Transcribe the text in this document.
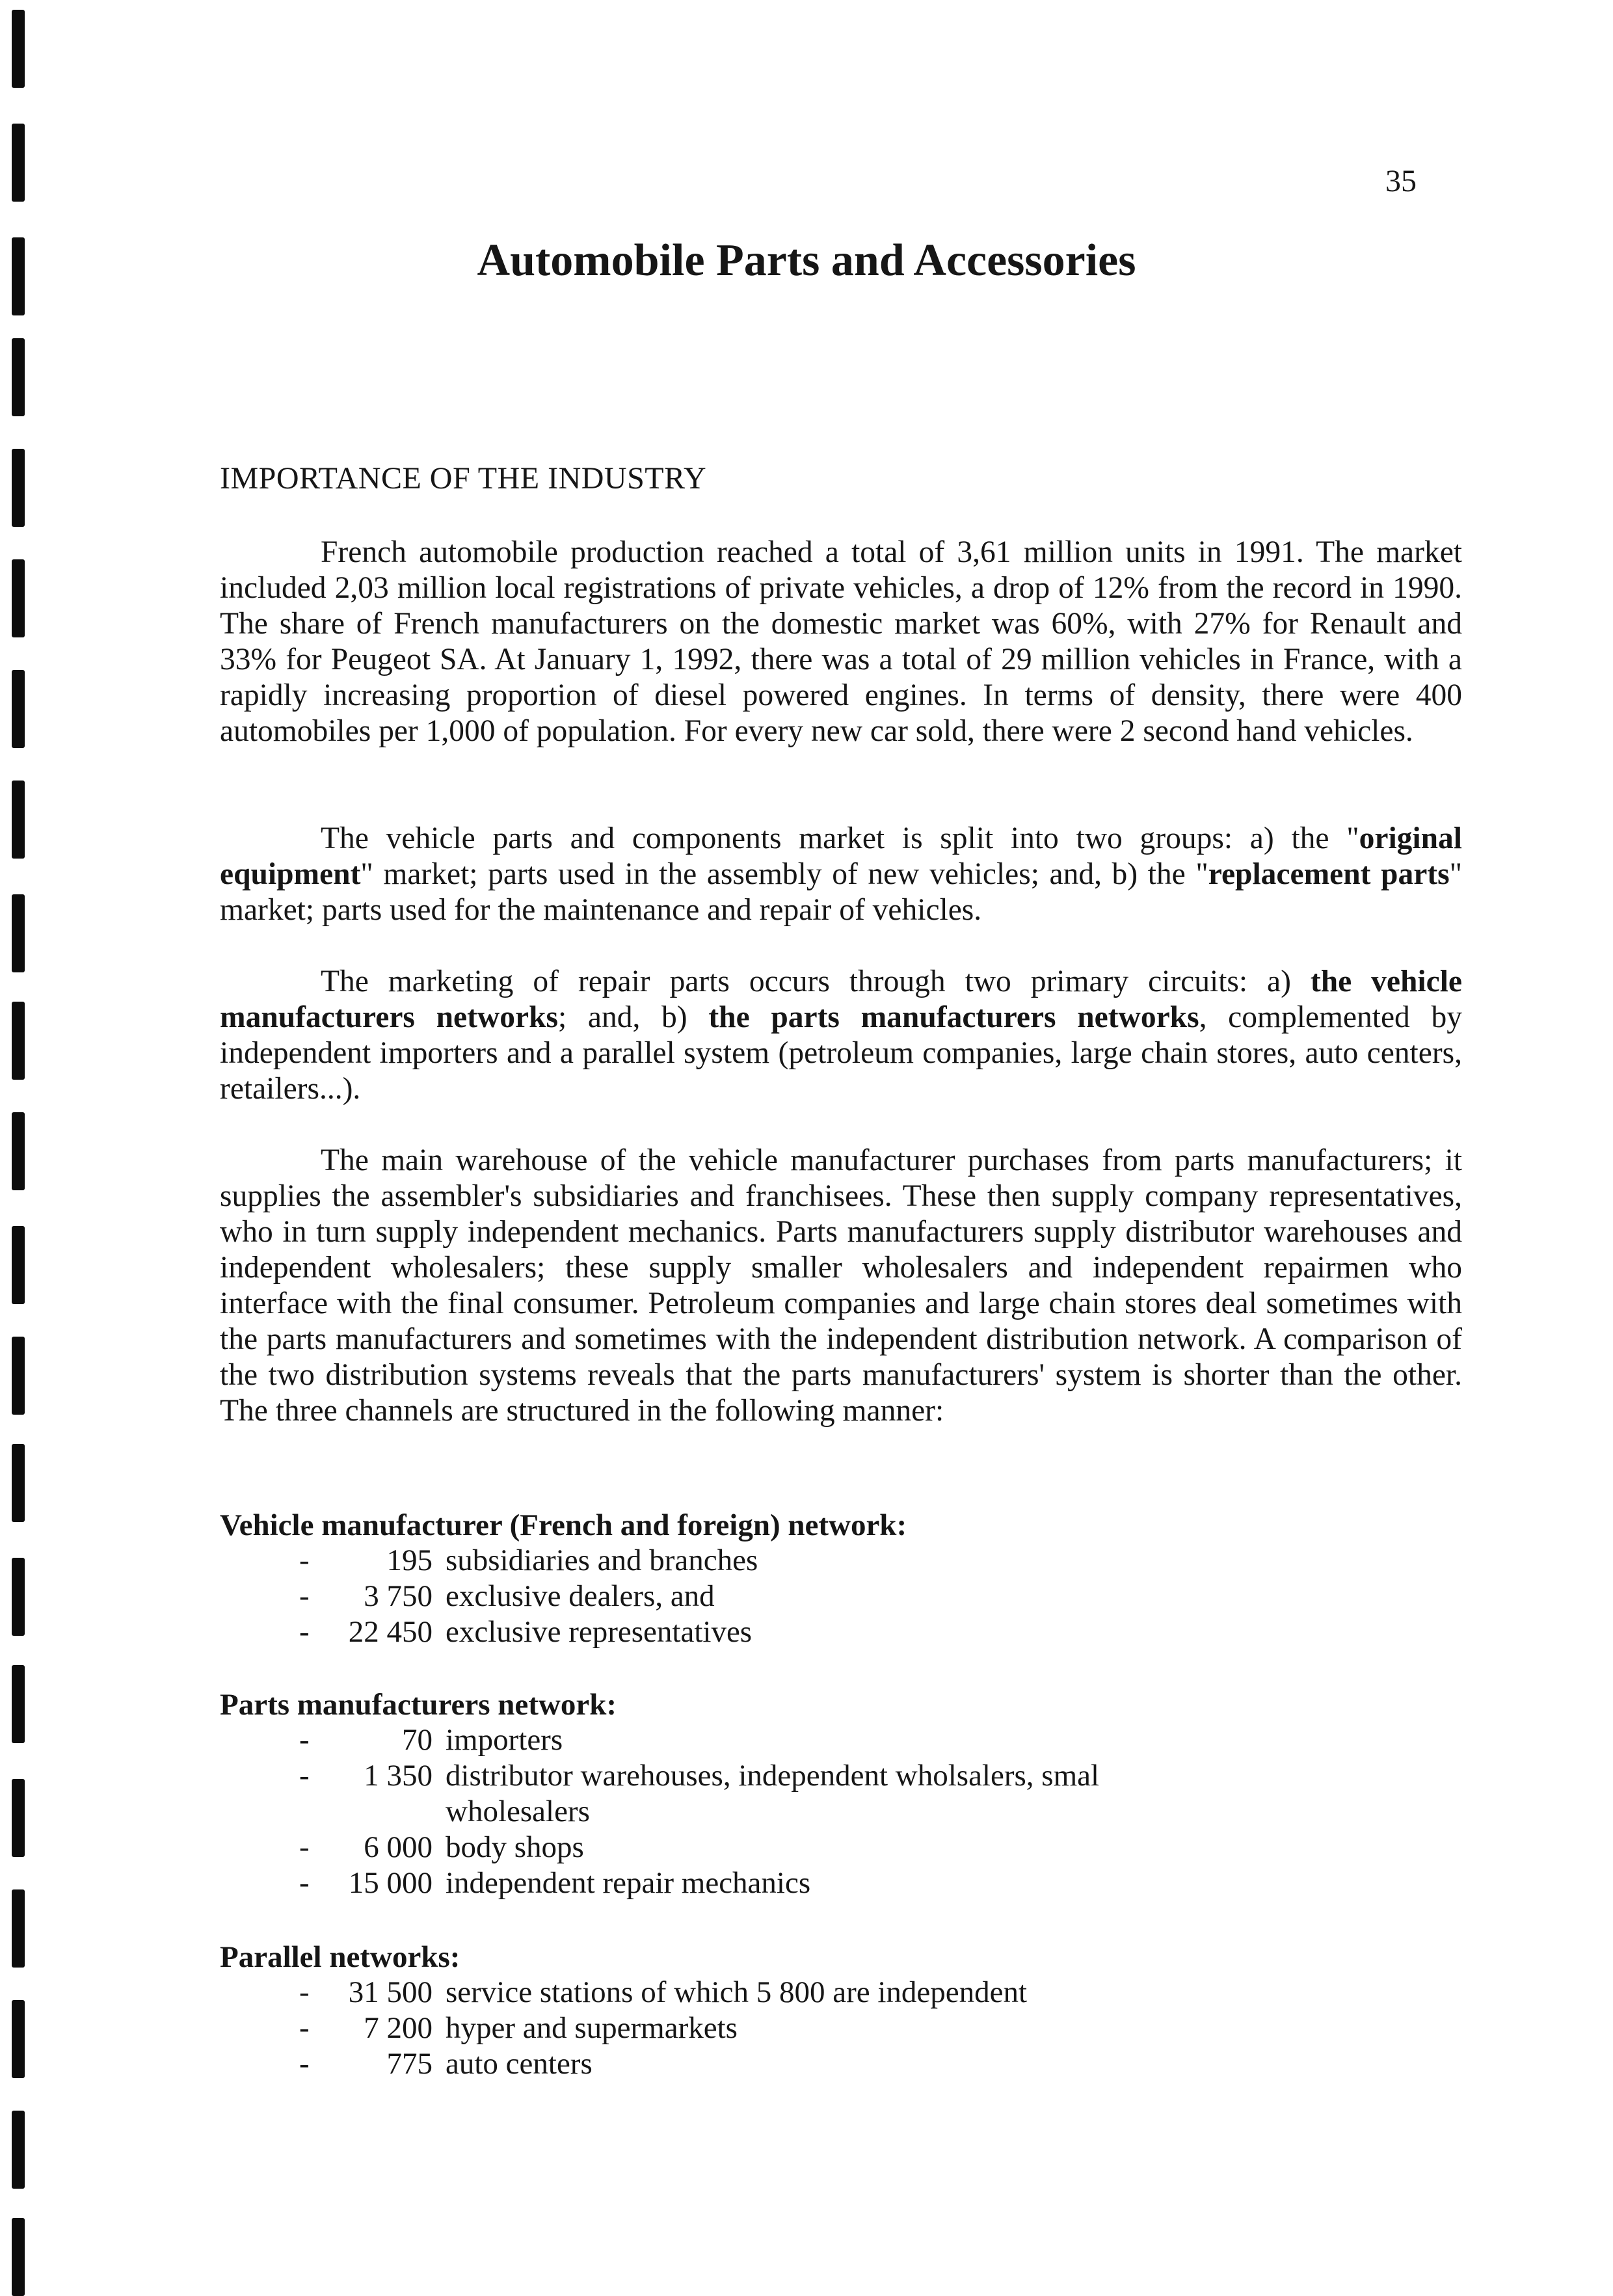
35
Automobile Parts and Accessories
IMPORTANCE OF THE INDUSTRY

French automobile production reached a total of 3,61 million units in 1991. The market included 2,03 million local registrations of private vehicles, a drop of 12% from the record in 1990. The share of French manufacturers on the domestic market was 60%, with 27% for Renault and 33% for Peugeot SA. At January 1, 1992, there was a total of 29 million vehicles in France, with a rapidly increasing proportion of diesel powered engines. In terms of density, there were 400 automobiles per 1,000 of population. For every new car sold, there were 2 second hand vehicles.

The vehicle parts and components market is split into two groups: a) the "original equipment" market; parts used in the assembly of new vehicles; and, b) the "replacement parts" market; parts used for the maintenance and repair of vehicles.

The marketing of repair parts occurs through two primary circuits: a) the vehicle manufacturers networks; and, b) the parts manufacturers networks, complemented by independent importers and a parallel system (petroleum companies, large chain stores, auto centers, retailers...).

The main warehouse of the vehicle manufacturer purchases from parts manufacturers; it supplies the assembler's subsidiaries and franchisees. These then supply company representatives, who in turn supply independent mechanics. Parts manufacturers supply distributor warehouses and independent wholesalers; these supply smaller wholesalers and independent repairmen who interface with the final consumer. Petroleum companies and large chain stores deal sometimes with the parts manufacturers and sometimes with the independent distribution network. A comparison of the two distribution systems reveals that the parts manufacturers' system is shorter than the other. The three channels are structured in the following manner:

Vehicle manufacturer (French and foreign) network:
-	195 subsidiaries and branches
-	3 750 exclusive dealers, and
-	22 450 exclusive representatives
Parts manufacturers network:
-	70 importers
-	1 350 distributor warehouses, independent wholsalers, smal wholesalers
-	6 000 body shops
-	15 000 independent repair mechanics
Parallel networks:
-	31 500 service stations of which 5 800 are independent
-	7 200 hyper and supermarkets
-	775 auto centers
